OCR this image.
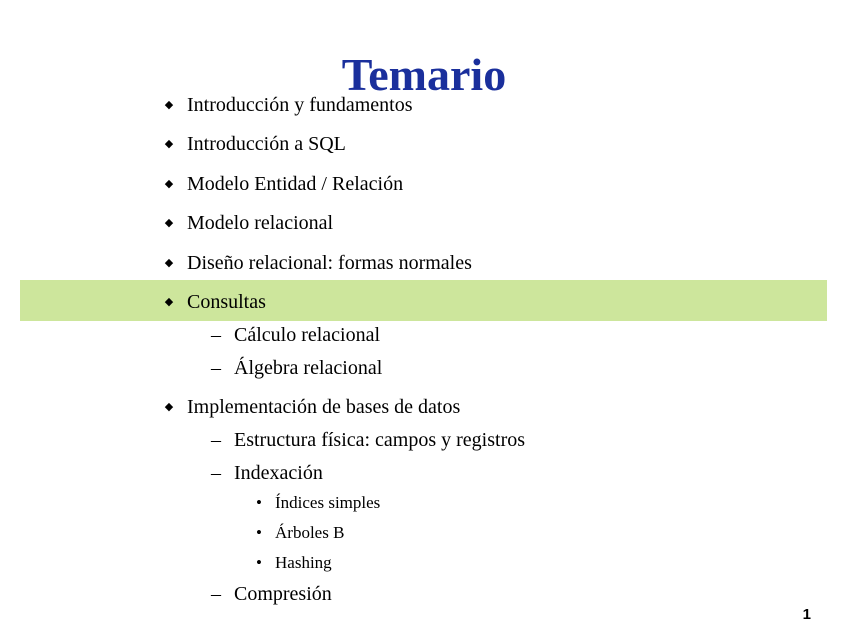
Temario
◆ Introducción y fundamentos
◆ Introducción a SQL
◆ Modelo Entidad / Relación
◆ Modelo relacional
◆ Diseño relacional: formas normales
◆ Consultas
– Cálculo relacional
– Álgebra relacional
◆ Implementación de bases de datos
– Estructura física: campos y registros
– Indexación
• Índices simples
• Árboles B
• Hashing
– Compresión
1
